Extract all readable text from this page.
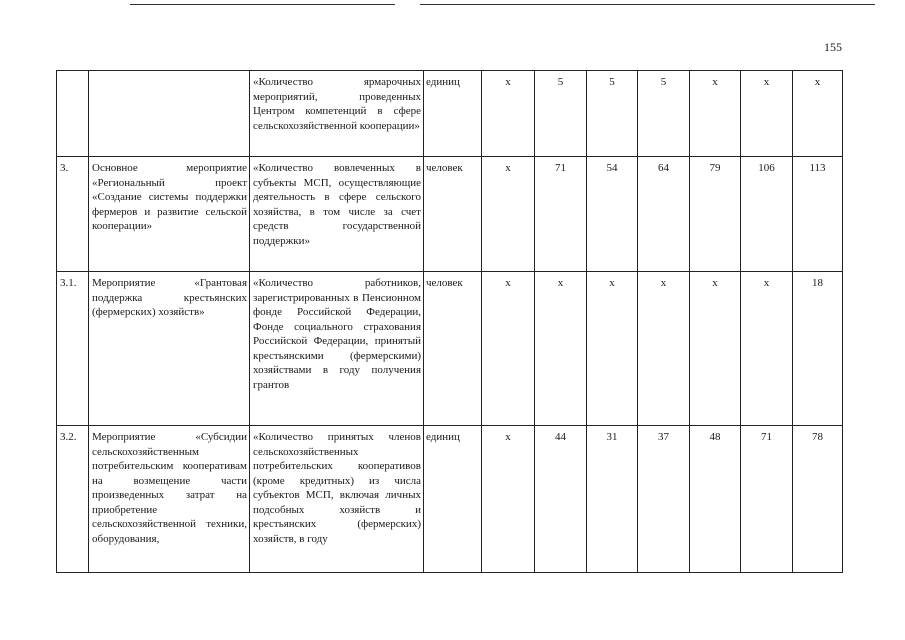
155
		«Количество ярмарочных мероприятий, проведенных Центром компетенций в сфере сельскохозяйственной кооперации»	единиц	х	5	5	5	х	х	х
3.	Основное мероприятие «Региональный проект «Создание системы поддержки фермеров и развитие сельской кооперации»	«Количество вовлеченных в субъекты МСП, осуществляющие деятельность в сфере сельского хозяйства, в том числе за счет средств государственной поддержки»	человек	х	71	54	64	79	106	113
3.1.	Мероприятие «Грантовая поддержка крестьянских (фермерских) хозяйств»	«Количество работников, зарегистрированных в Пенсионном фонде Российской Федерации, Фонде социального страхования Российской Федерации, принятый крестьянскими (фермерскими) хозяйствами в году получения грантов	человек	х	х	х	х	х	х	18
3.2.	Мероприятие «Субсидии сельскохозяйственным потребительским кооперативам на возмещение части произведенных затрат на приобретение сельскохозяйственной техники, оборудования,	«Количество принятых членов сельскохозяйственных потребительских кооперативов (кроме кредитных) из числа субъектов МСП, включая личных подсобных хозяйств и крестьянских (фермерских) хозяйств, в году	единиц	х	44	31	37	48	71	78
